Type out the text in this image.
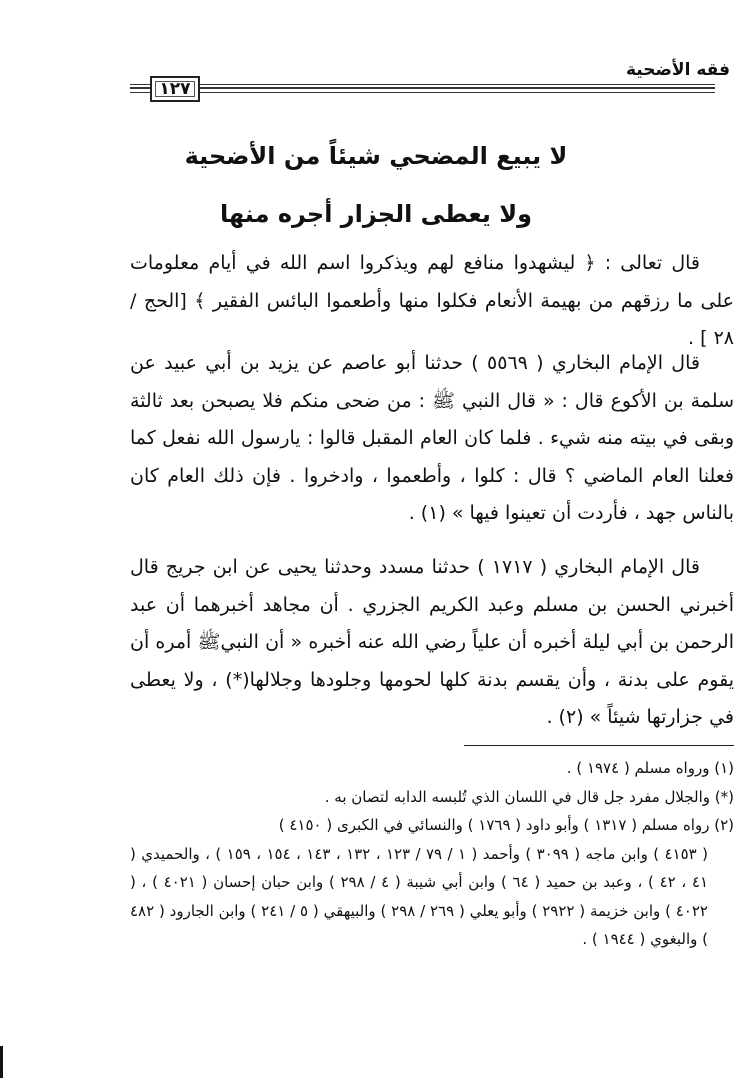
فقه الأضحية
١٢٧
لا يبيع المضحي شيئاً من الأضحية
ولا يعطى الجزار أجره منها
قال تعالى : ﴿ ليشهدوا منافع لهم ويذكروا اسم الله في أيام معلومات على ما رزقهم من بهيمة الأنعام فكلوا منها وأطعموا البائس الفقير ﴾ [الحج / ٢٨ ] .
قال الإمام البخاري ( ٥٥٦٩ ) حدثنا أبو عاصم عن يزيد بن أبي عبيد عن سلمة بن الأكوع قال : « قال النبي ﷺ : من ضحى منكم فلا يصبحن بعد ثالثة وبقى في بيته منه شيء . فلما كان العام المقبل قالوا : يارسول الله نفعل كما فعلنا العام الماضي ؟ قال : كلوا ، وأطعموا ، وادخروا . فإن ذلك العام كان بالناس جهد ، فأردت أن تعينوا فيها » (١) .
قال الإمام البخاري ( ١٧١٧ ) حدثنا مسدد وحدثنا يحيى عن ابن جريج قال أخبرني الحسن بن مسلم وعبد الكريم الجزري . أن مجاهد أخبرهما أن عبد الرحمن بن أبي ليلة أخبره أن علياً رضي الله عنه أخبره « أن النبيﷺ أمره أن يقوم على بدنة ، وأن يقسم بدنة كلها لحومها وجلودها وجلالها(*) ، ولا يعطى في جزارتها شيئاً » (٢) .
(١) ورواه مسلم ( ١٩٧٤ ) .
(*) والجلال مفرد جل قال في اللسان الذي تُلبسه الدابه لتصان به .
(٢) رواه مسلم ( ١٣١٧ ) وأبو داود ( ١٧٦٩ ) والنسائي في الكبرى ( ٤١٥٠ )
( ٤١٥٣ ) وابن ماجه ( ٣٠٩٩ ) وأحمد ( ١ / ٧٩ / ١٢٣ ، ١٣٢ ، ١٤٣ ، ١٥٤ ، ١٥٩ ) ، والحميدي ( ٤١ ، ٤٢ ) ، وعبد بن حميد ( ٦٤ ) وابن أبي شيبة ( ٤ / ٢٩٨ ) وابن حبان إحسان ( ٤٠٢١ ) ، ( ٤٠٢٢ ) وابن خزيمة ( ٢٩٢٢ ) وأبو يعلي ( ٢٦٩ / ٢٩٨ ) والبيهقي ( ٥ / ٢٤١ ) وابن الجارود ( ٤٨٢ ) والبغوي ( ١٩٤٤ ) .
